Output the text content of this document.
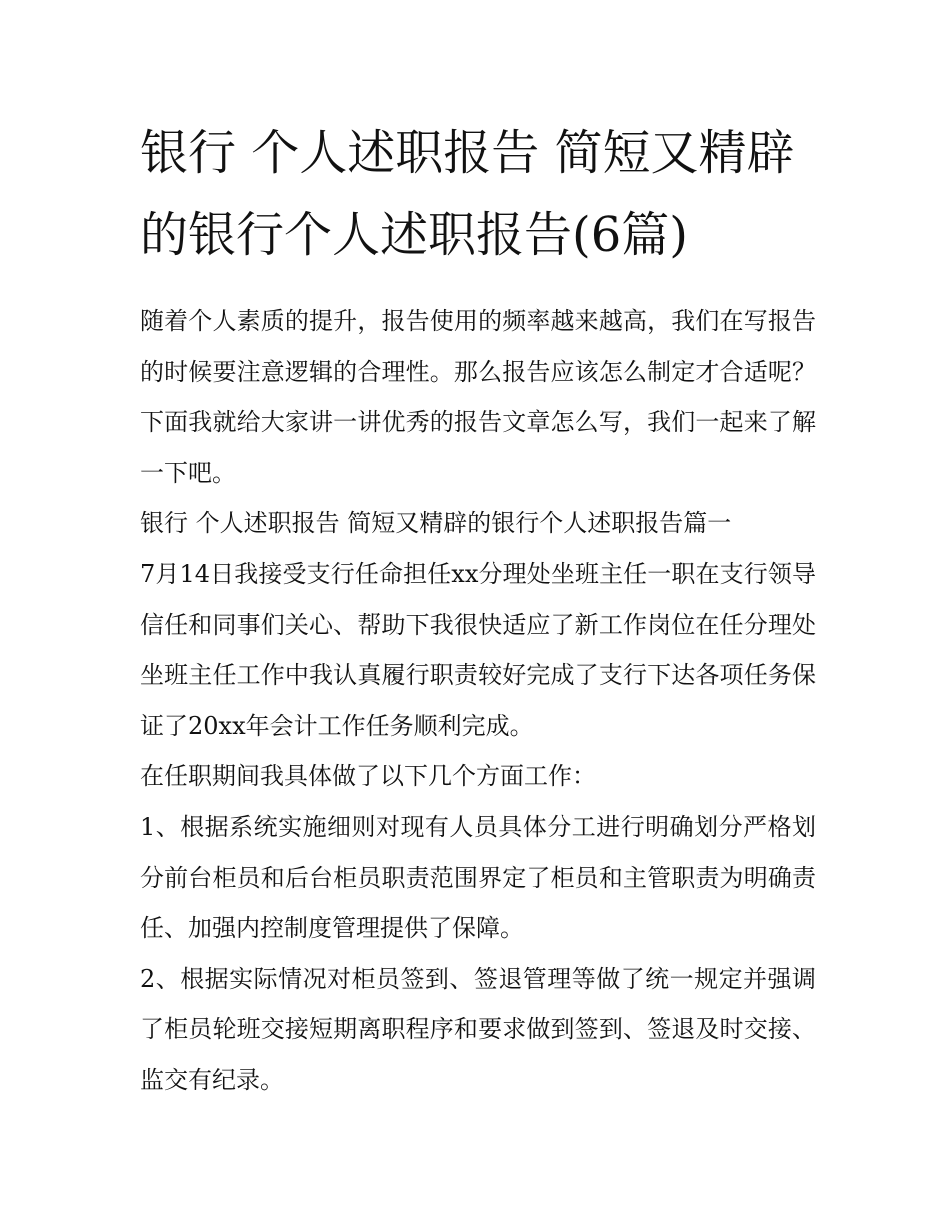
银行 个人述职报告 简短又精辟的银行个人述职报告(6篇)

随着个人素质的提升，报告使用的频率越来越高，我们在写报告的时候要注意逻辑的合理性。那么报告应该怎么制定才合适呢？下面我就给大家讲一讲优秀的报告文章怎么写，我们一起来了解一下吧。

银行 个人述职报告 简短又精辟的银行个人述职报告篇一

7月14日我接受支行任命担任xx分理处坐班主任一职在支行领导信任和同事们关心、帮助下我很快适应了新工作岗位在任分理处坐班主任工作中我认真履行职责较好完成了支行下达各项任务保证了20xx年会计工作任务顺利完成。

在任职期间我具体做了以下几个方面工作：

1、根据系统实施细则对现有人员具体分工进行明确划分严格划分前台柜员和后台柜员职责范围界定了柜员和主管职责为明确责任、加强内控制度管理提供了保障。

2、根据实际情况对柜员签到、签退管理等做了统一规定并强调了柜员轮班交接短期离职程序和要求做到签到、签退及时交接、监交有纪录。
